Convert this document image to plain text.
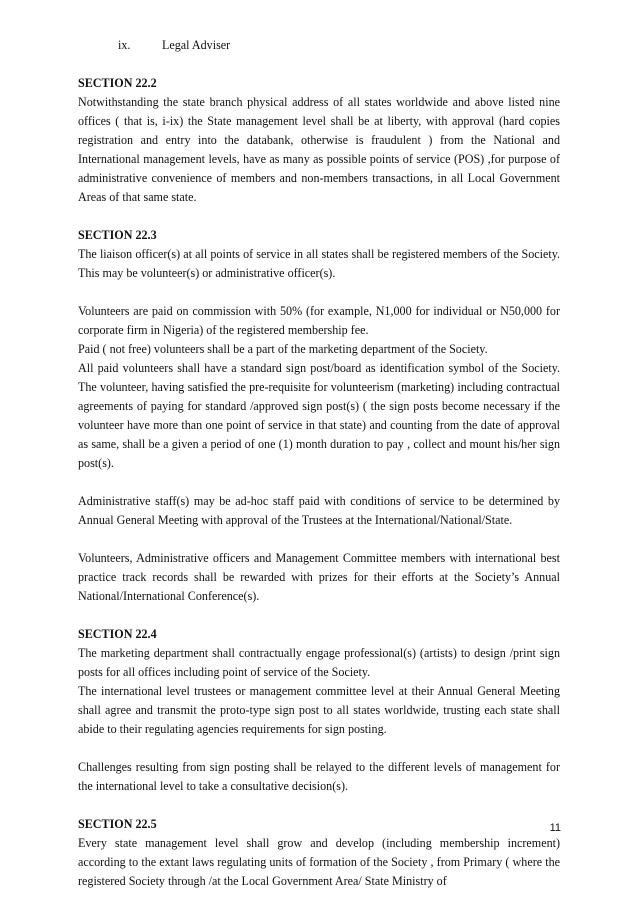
ix.	Legal Adviser

SECTION 22.2

Notwithstanding the state branch physical address of all states worldwide and above listed nine offices ( that is, i-ix) the State management level shall be at liberty, with approval (hard copies registration and entry into the databank, otherwise is fraudulent ) from the National and International management levels, have as many as possible points of service (POS) ,for purpose of administrative convenience of members and non-members transactions, in all Local Government Areas of that same state.

SECTION 22.3

The liaison officer(s) at all points of service in all states shall be registered members of the Society. This may be volunteer(s) or administrative officer(s).

Volunteers are paid on commission with 50% (for example, N1,000 for individual or N50,000 for corporate firm in Nigeria) of the registered membership fee.

Paid ( not free) volunteers shall be a part of the marketing department of the Society.

All paid volunteers shall have a standard sign post/board as identification symbol of the Society. The volunteer, having satisfied the pre-requisite for volunteerism (marketing) including contractual agreements of paying for standard /approved sign post(s) ( the sign posts become necessary if the volunteer have more than one point of service in that state) and counting from the date of approval as same, shall be a given a period of one (1) month duration to pay , collect and mount his/her sign post(s).

Administrative staff(s) may be ad-hoc staff paid with conditions of service to be determined by Annual General Meeting with approval of the Trustees at the International/National/State.

Volunteers, Administrative officers and Management Committee members with international best practice track records shall be rewarded with prizes for their efforts at the Society’s Annual National/International Conference(s).

SECTION 22.4

The marketing department shall contractually engage professional(s) (artists) to design /print sign posts for all offices including point of service of the Society.

The international level trustees or management committee level at their Annual General Meeting shall agree and transmit the proto-type sign post to all states worldwide, trusting each state shall abide to their regulating agencies requirements for sign posting.

Challenges resulting from sign posting shall be relayed to the different levels of management for the international level to take a consultative decision(s).

SECTION 22.5

Every state management level shall grow and develop (including membership increment) according to the extant laws regulating units of formation of the Society , from Primary ( where the registered Society through /at the Local Government Area/ State Ministry of

11
